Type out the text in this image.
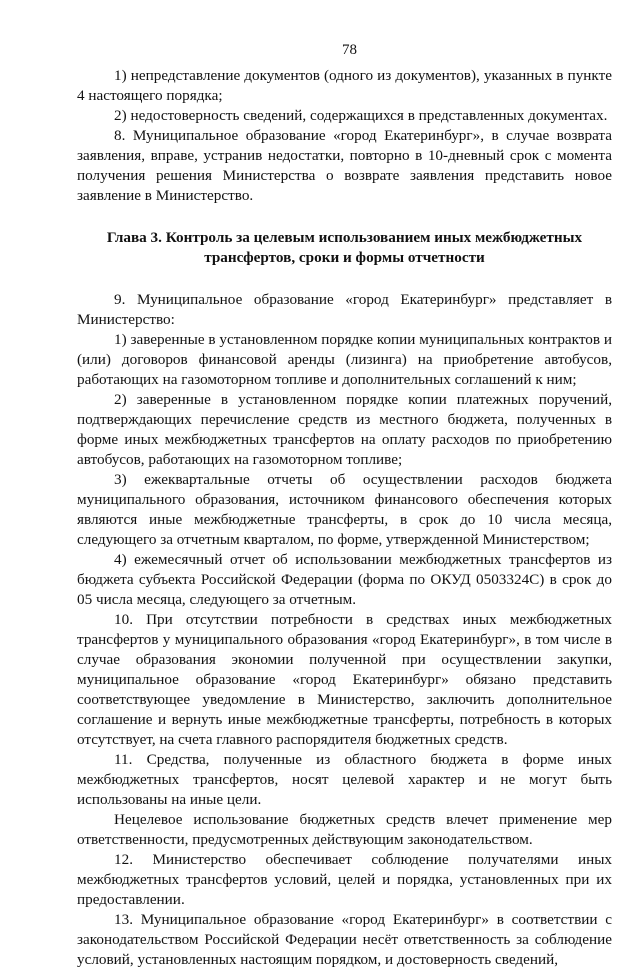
78

1) непредставление документов (одного из документов), указанных в пункте 4 настоящего порядка;

2) недостоверность сведений, содержащихся в представленных документах.

8. Муниципальное образование «город Екатеринбург», в случае возврата заявления, вправе, устранив недостатки, повторно в 10-дневный срок с момента получения решения Министерства о возврате заявления представить новое заявление в Министерство.

Глава 3. Контроль за целевым использованием иных межбюджетных
трансфертов, сроки и формы отчетности

9. Муниципальное образование «город Екатеринбург» представляет в Министерство:

1) заверенные в установленном порядке копии муниципальных контрактов и (или) договоров финансовой аренды (лизинга) на приобретение автобусов, работающих на газомоторном топливе и дополнительных соглашений к ним;

2) заверенные в установленном порядке копии платежных поручений, подтверждающих перечисление средств из местного бюджета, полученных в форме иных межбюджетных трансфертов на оплату расходов по приобретению автобусов, работающих на газомоторном топливе;

3) ежеквартальные отчеты об осуществлении расходов бюджета муниципального образования, источником финансового обеспечения которых являются иные межбюджетные трансферты, в срок до 10 числа месяца, следующего за отчетным кварталом, по форме, утвержденной Министерством;

4) ежемесячный отчет об использовании межбюджетных трансфертов из бюджета субъекта Российской Федерации (форма по ОКУД 0503324С) в срок до 05 числа месяца, следующего за отчетным.

10. При отсутствии потребности в средствах иных межбюджетных трансфертов у муниципального образования «город Екатеринбург», в том числе в случае образования экономии полученной при осуществлении закупки, муниципальное образование «город Екатеринбург» обязано представить соответствующее уведомление в Министерство, заключить дополнительное соглашение и вернуть иные межбюджетные трансферты, потребность в которых отсутствует, на счета главного распорядителя бюджетных средств.

11. Средства, полученные из областного бюджета в форме иных межбюджетных трансфертов, носят целевой характер и не могут быть использованы на иные цели.

Нецелевое использование бюджетных средств влечет применение мер ответственности, предусмотренных действующим законодательством.

12. Министерство обеспечивает соблюдение получателями иных межбюджетных трансфертов условий, целей и порядка, установленных при их предоставлении.

13. Муниципальное образование «город Екатеринбург» в соответствии с законодательством Российской Федерации несёт ответственность за соблюдение условий, установленных настоящим порядком, и достоверность сведений,
